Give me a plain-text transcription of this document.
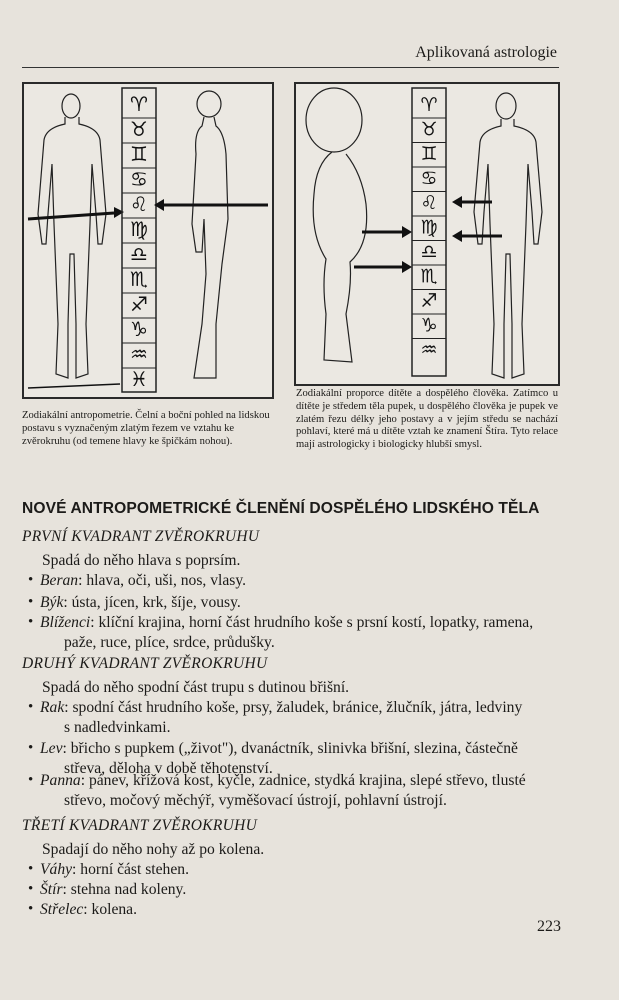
Aplikovaná astrologie
♈
♉
♊
♋
♌
♍
♎
♏
♐
♑
♒
♓
♈
♉
♊
♋
♌
♍
♎
♏
♐
♑
♒
Zodiakální antropometrie. Čelní a boční pohled na lidskou postavu s vyznačeným zlatým řezem ve vztahu ke zvěrokruhu (od temene hlavy ke špičkám nohou).
Zodiakální proporce dítěte a dospělého člověka. Zatímco u dítěte je středem těla pupek, u dospělého člověka je pupek ve zlatém řezu délky jeho postavy a v jejím středu se nachází pohlaví, které má u dítěte vztah ke znamení Štíra. Tyto relace mají astrologicky i biologicky hlubší smysl.
NOVÉ ANTROPOMETRICKÉ ČLENĚNÍ DOSPĚLÉHO LIDSKÉHO TĚLA
PRVNÍ KVADRANT ZVĚROKRUHU
Spadá do něho hlava s poprsím.
• Beran: hlava, oči, uši, nos, vlasy.
• Býk: ústa, jícen, krk, šíje, vousy.
• Blíženci: klíční krajina, horní část hrudního koše s prsní kostí, lopatky, ramena,
paže, ruce, plíce, srdce, průdušky.
DRUHÝ KVADRANT ZVĚROKRUHU
Spadá do něho spodní část trupu s dutinou břišní.
• Rak: spodní část hrudního koše, prsy, žaludek, bránice, žlučník, játra, ledviny
s nadledvinkami.
• Lev: břicho s pupkem („život"), dvanáctník, slinivka břišní, slezina, částečně
střeva, děloha v době těhotenství.
• Panna: pánev, křížová kost, kyčle, zadnice, stydká krajina, slepé střevo, tlusté
střevo, močový měchýř, vyměšovací ústrojí, pohlavní ústrojí.
TŘETÍ KVADRANT ZVĚROKRUHU
Spadají do něho nohy až po kolena.
• Váhy: horní část stehen.
• Štír: stehna nad koleny.
• Střelec: kolena.
223
